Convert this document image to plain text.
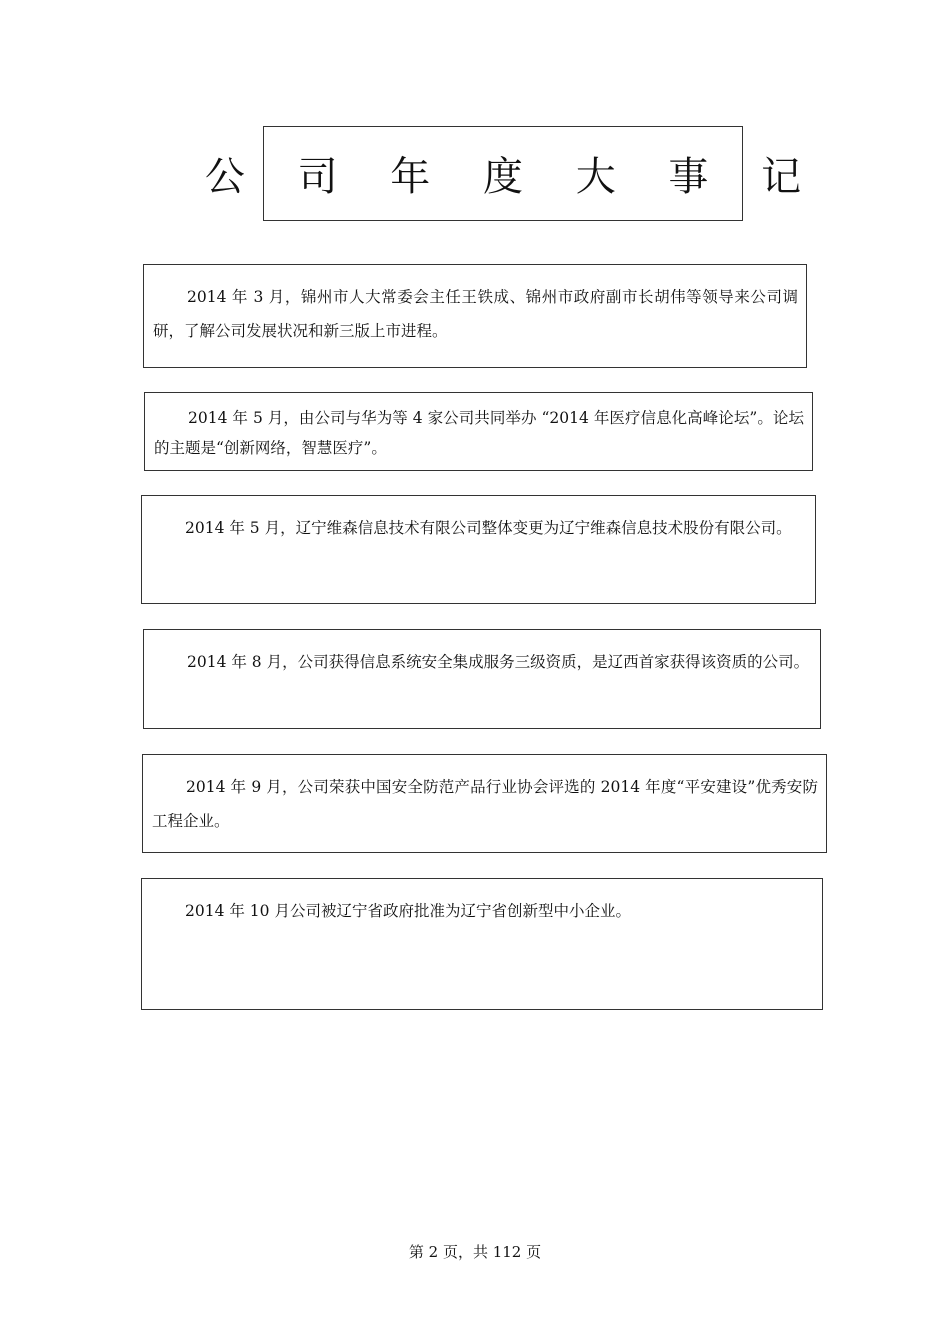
公 司 年 度 大 事 记
2014 年 3 月，锦州市人大常委会主任王铁成、锦州市政府副市长胡伟等领导来公司调研，了解公司发展状况和新三版上市进程。
2014 年 5 月，由公司与华为等 4 家公司共同举办 “2014 年医疗信息化高峰论坛”。论坛的主题是“创新网络，智慧医疗”。
2014 年 5 月，辽宁维森信息技术有限公司整体变更为辽宁维森信息技术股份有限公司。
2014 年 8 月，公司获得信息系统安全集成服务三级资质，是辽西首家获得该资质的公司。
2014 年 9 月，公司荣获中国安全防范产品行业协会评选的 2014 年度“平安建设”优秀安防工程企业。
2014 年 10 月公司被辽宁省政府批准为辽宁省创新型中小企业。
第 2 页，共 112 页
